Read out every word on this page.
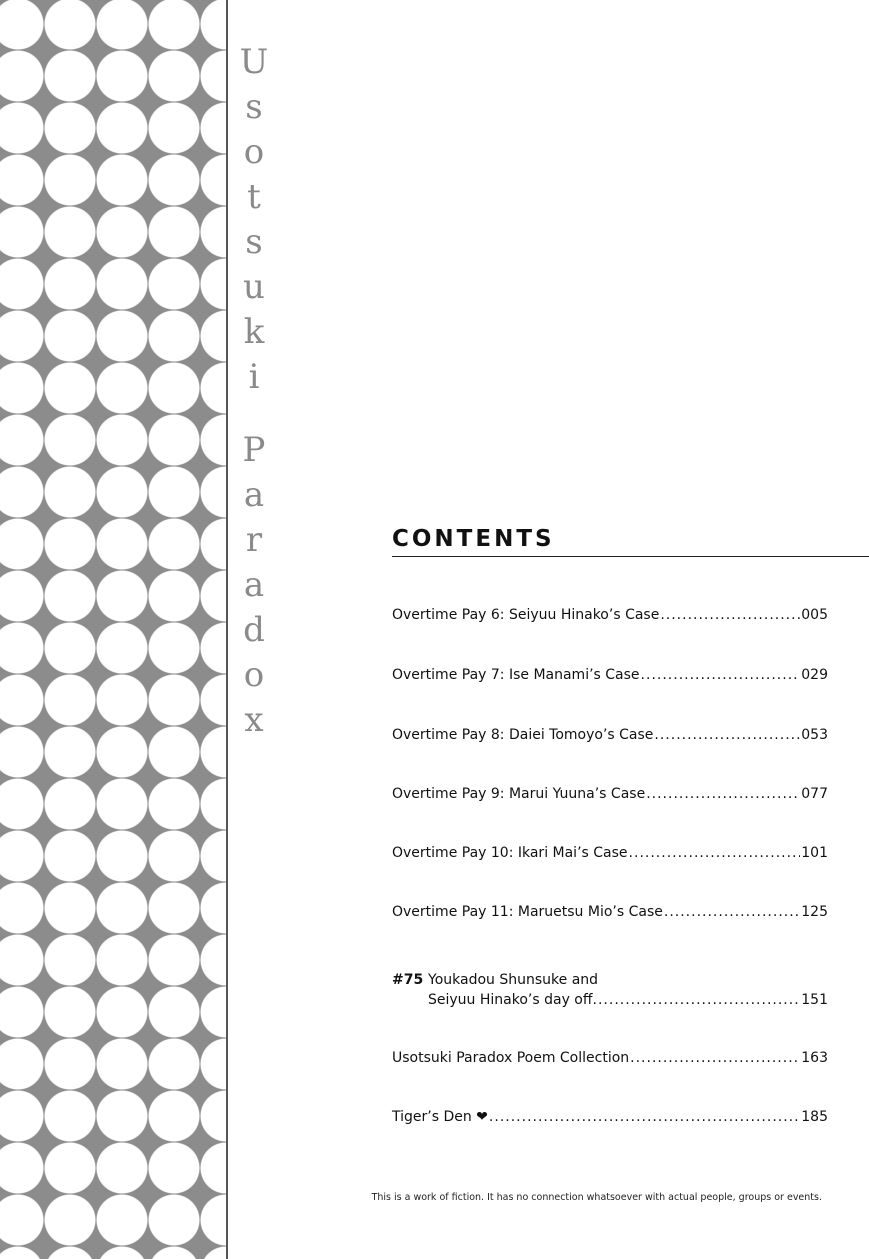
U
s
o
t
s
u
k
i

P
a
r
a
d
o
x
CONTENTS
Overtime Pay 6: Seiyuu Hinako’s Case .....	005
Overtime Pay 7: Ise Manami’s Case .....	029
Overtime Pay 8: Daiei Tomoyo’s Case .....	053
Overtime Pay 9: Marui Yuuna’s Case .....	077
Overtime Pay 10: Ikari Mai’s Case .....	101
Overtime Pay 11: Maruetsu Mio’s Case .....	125
#75 Youkadou Shunsuke and
Seiyuu Hinako’s day off. .....	151
Usotsuki Paradox Poem Collection .....	163
Tiger’s Den ❤ .....	185
This is a work of fiction. It has no connection whatsoever with actual people, groups or events.
